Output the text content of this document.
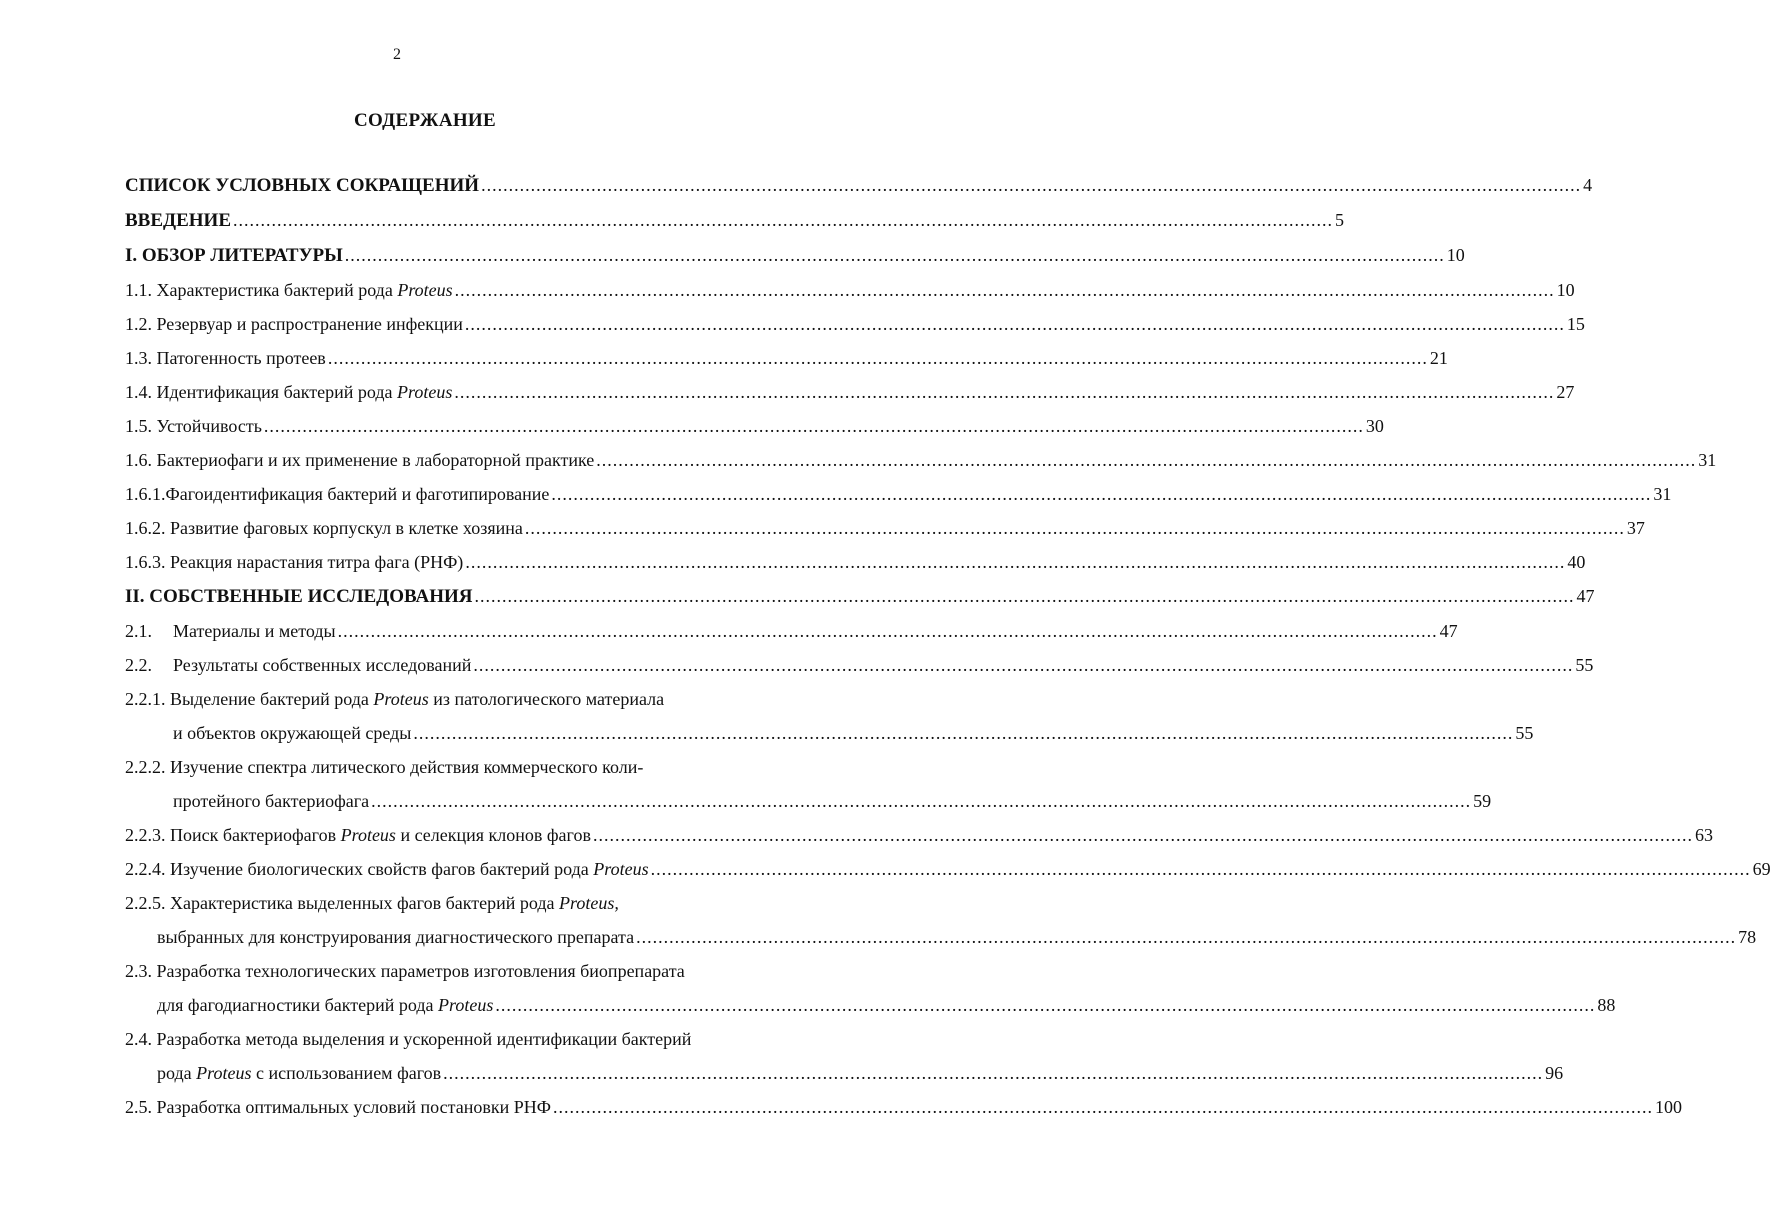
2
СОДЕРЖАНИЕ
СПИСОК УСЛОВНЫХ СОКРАЩЕНИЙ ........................................................................................................................................................................................................ 4
ВВЕДЕНИЕ ........................................................................................................................................................................................................ 5
I. ОБЗОР ЛИТЕРАТУРЫ ........................................................................................................................................................................................................ 10
1.1. Характеристика бактерий рода Proteus ........................................................................................................................................................................................................ 10
1.2. Резервуар и распространение инфекции ........................................................................................................................................................................................................ 15
1.3. Патогенность протеев ........................................................................................................................................................................................................ 21
1.4. Идентификация бактерий рода Proteus ........................................................................................................................................................................................................ 27
1.5. Устойчивость ........................................................................................................................................................................................................ 30
1.6. Бактериофаги и их применение в лабораторной практике ........................................................................................................................................................................................................ 31
1.6.1.Фагоидентификация бактерий и фаготипирование ........................................................................................................................................................................................................ 31
1.6.2. Развитие фаговых корпускул в клетке хозяина ........................................................................................................................................................................................................ 37
1.6.3. Реакция нарастания титра фага (РНФ) ........................................................................................................................................................................................................ 40
II. СОБСТВЕННЫЕ ИССЛЕДОВАНИЯ ........................................................................................................................................................................................................ 47
2.1. Материалы и методы ........................................................................................................................................................................................................ 47
2.2. Результаты собственных исследований ........................................................................................................................................................................................................ 55
2.2.1. Выделение бактерий рода Proteus из патологического материала
и объектов окружающей среды ........................................................................................................................................................................................................ 55
2.2.2. Изучение спектра литического действия коммерческого коли-
протейного бактериофага ........................................................................................................................................................................................................ 59
2.2.3. Поиск бактериофагов Proteus и селекция клонов фагов ........................................................................................................................................................................................................ 63
2.2.4. Изучение биологических свойств фагов бактерий рода Proteus ........................................................................................................................................................................................................ 69
2.2.5. Характеристика выделенных фагов бактерий рода Proteus,
выбранных для конструирования диагностического препарата ........................................................................................................................................................................................................ 78
2.3. Разработка технологических параметров изготовления биопрепарата
для фагодиагностики бактерий рода Proteus ........................................................................................................................................................................................................ 88
2.4. Разработка метода выделения и ускоренной идентификации бактерий
рода Proteus с использованием фагов ........................................................................................................................................................................................................ 96
2.5. Разработка оптимальных условий постановки РНФ ........................................................................................................................................................................................................ 100
